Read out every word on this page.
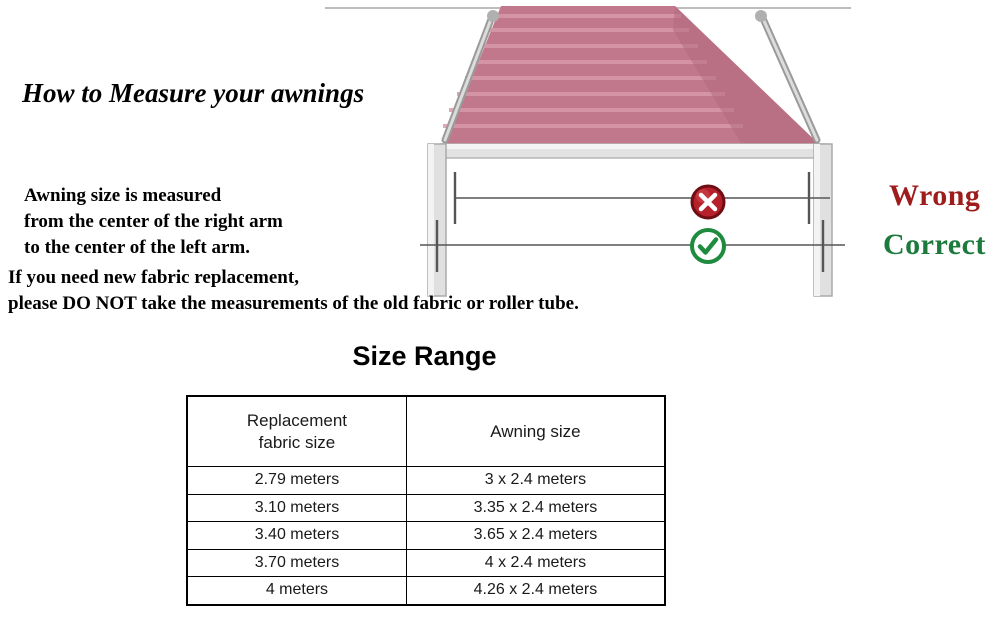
Wrong
Correct
How to Measure your awnings
Awning size is measured
from the center of the right arm
to the center of the left arm.
If you need new fabric replacement,
please DO NOT take the measurements of the old fabric or roller tube.
Size Range
Replacement
fabric size	Awning size

2.79 meters	3 x 2.4 meters
3.10 meters	3.35 x 2.4 meters
3.40 meters	3.65 x 2.4 meters
3.70 meters	4 x 2.4 meters
4 meters	4.26 x 2.4 meters
